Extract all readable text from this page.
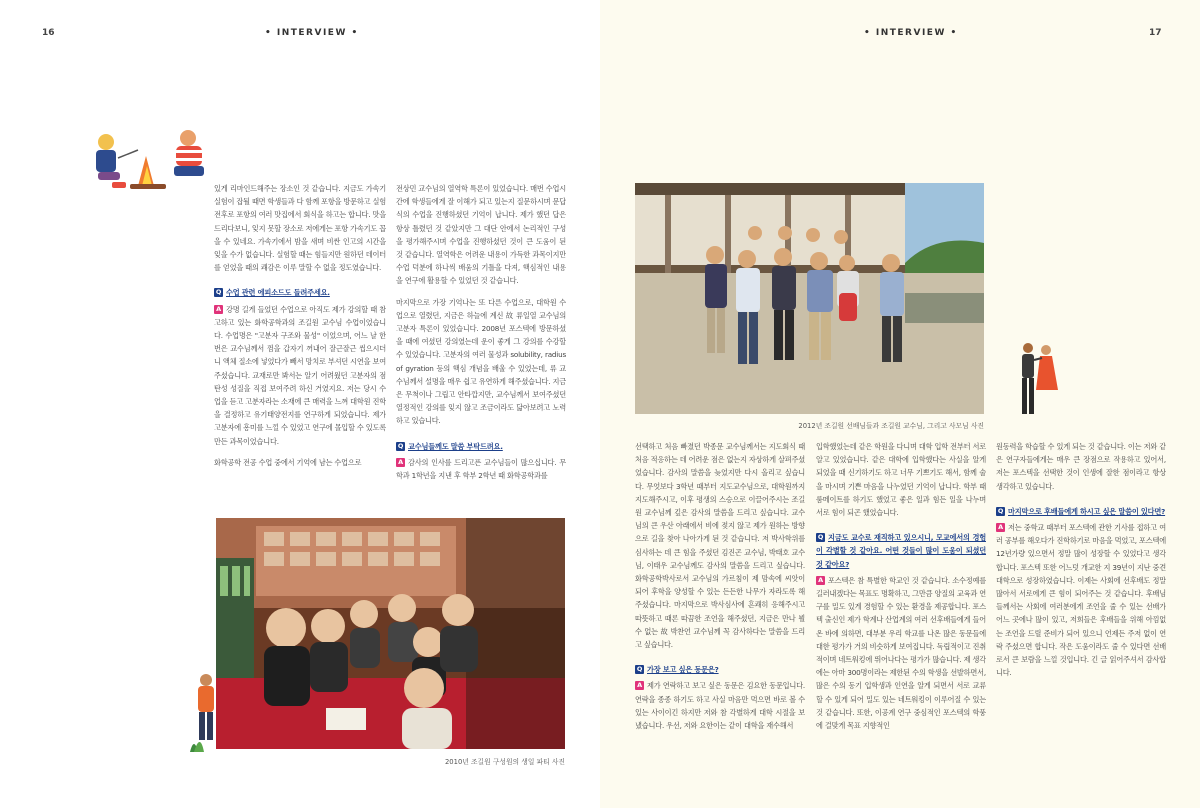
16	• INTERVIEW •

있게 리마인드해주는 장소인 것 같습니다. 지금도 가속기 실험이 잡될 때면 학생들과 다 함께 포항을 방문하고 실험 전후로 포항의 여러 맛집에서 회식을 하고는 합니다. 맛을 드리다보니, 잊지 못할 장소로 저에게는 포항 가속기도 꼽을 수 있네요. 가속기에서 밤을 새며 비싼 인고의 시간을 잊을 수가 없습니다. 실험할 때는 힘들지만 원하던 데이터를 얻었을 때의 쾌감은 이루 말할 수 없을 정도였습니다.

Q 수업 관련 에피소드도 들려주세요.

A 강명 길게 들었던 수업으로 아직도 제가 강의할 때 참고하고 있는 화학공학과의 조길원 교수님 수업이었습니다. 수업명은 "고분자 구조와 물성" 이었으며, 어느 날 한번은 교수님께서 껌을 갑자기 꺼내어 잘근잘근 씹으시더니 액체 질소에 넣었다가 빼서 망치로 부셔던 시연을 보여주셨습니다. 교재로만 봐서는 알기 어려웠던 고분자의 점탄성 성질을 직접 보여주려 하신 거였지요. 저는 당시 수업을 듣고 고분자라는 소재에 큰 매력을 느껴 대학원 진학을 결정하고 유기태양전지를 연구하게 되었습니다. 제가 고분자에 흥미를 느낄 수 있었고 연구에 몰입할 수 있도록 만든 과목이었습니다.

화학공학 전공 수업 중에서 기억에 남는 수업으로

전상민 교수님의 열역학 특론이 있었습니다. 매번 수업시간에 학생들에게 잘 이해가 되고 있는지 질문하시며 문답식의 수업을 진행하셨던 기억이 납니다. 제가 했던 답은 항상 틀렸던 것 같았지만 그 대단 안에서 논리적인 구성을 평가해주시며 수업을 진행하셨던 것이 큰 도움이 된 것 같습니다. 열역학은 어려운 내용이 가득한 과목이지만 수업 덕분에 하나씩 배움의 기틀을 다져, 핵심적인 내용을 연구에 활용할 수 있었던 것 같습니다.

마지막으로 가장 기억나는 또 다른 수업으로, 대학원 수업으로 열렸던, 지금은 하늘에 계신 故 류일열 교수님의 고분자 특론이 있었습니다. 2008년 포스텍에 방문하셨을 때에 여셨던 강의였는데 운이 좋게 그 강의를 수강할 수 있었습니다. 고분자의 여러 물성과 solubility, radius of gyration 등의 핵심 개념을 배울 수 있었는데, 류 교수님께서 설명을 매우 쉽고 유연하게 해주셨습니다. 지금은 무척이나 그립고 안타깝지만, 교수님께서 보여주셨던 열정적인 강의를 잊지 않고 조금이라도 닮아보려고 노력하고 있습니다.

Q 교수님들께도 말씀 부탁드려요.

A 감사의 인사를 드리고픈 교수님들이 많으십니다. 무학과 1학년을 지낸 후 학부 2학년 때 화학공학과를

2010년 조길원 구성원의 생일 파티 사진
• INTERVIEW •	17
2012년 조길원 선배님들과 조길원 교수님, 그리고 사모님 사진

선택하고 처음 빠졌던 박종문 교수님께서는 지도회식 때처음 적응하는 데 어려운 점은 없는지 자상하게 살펴주셨었습니다. 감사의 말씀을 늦었지만 다시 올리고 싶습니다. 무엇보다 3학년 때부터 지도교수님으로, 대학원까지 지도해주시고, 이후 평생의 스승으로 이끌어주시는 조길원 교수님께 깊은 감사의 말씀을 드리고 싶습니다. 교수님의 큰 우산 아래에서 비에 젖지 않고 제가 원하는 방향으로 길을 찾아 나아가게 된 것 같습니다. 저 박사학위를 심사하는 데 큰 힘을 주셨던 김진곤 교수님, 박태호 교수님, 이태우 교수님께도 감사의 말씀을 드리고 싶습니다. 화학공학박사로서 교수님의 가르침이 제 맘속에 씨앗이 되어 후학을 양성할 수 있는 든든한 나무가 자라도록 해주셨습니다. 마지막으로 박사심사에 흔쾌히 응해주시고 따뜻하고 때론 따끔한 조언을 해주셨던, 지금은 만나 뵐 수 없는 故 박찬언 교수님께 꼭 감사하다는 말씀을 드리고 싶습니다.

Q 가장 보고 싶은 동문은?

A 제가 연락하고 보고 싶은 동문은 김요한 동문입니다. 연락을 종종 하기도 하고 사실 마음만 먹으면 바로 볼 수 있는 사이이긴 하지만 저와 참 각별하게 대학 시절을 보냈습니다. 우선, 저와 요한이는 같이 대학을 재수해서

입학했었는데 같은 학원을 다니며 대학 입학 전부터 서로 알고 있었습니다. 같은 대학에 입학했다는 사실을 알게 되었을 때 신기하기도 하고 너무 기쁘기도 해서, 함께 술을 마시며 기쁜 마음을 나누었던 기억이 납니다. 학부 때 룸메이트를 하기도 했었고 좋은 일과 힘든 일을 나누며 서로 힘이 되곤 했었습니다.

Q 지금도 교수로 재직하고 있으시니, 모교에서의 경험이 각별할 것 같아요. 어떤 것들이 많이 도움이 되셨던 것 같아요?

A 포스텍은 참 특별한 학교인 것 같습니다. 소수정예를 길러내겠다는 목표도 명확하고, 그만큼 양질의 교육과 연구를 밀도 있게 경험할 수 있는 환경을 제공합니다. 포스텍 출신인 제가 학계나 산업계의 여러 선후배들에게 들어온 바에 의하면, 대부분 우리 학교를 나온 많은 동문들에 대한 평가가 거의 비슷하게 보여집니다. 독립적이고 진취적이며 네트워킹에 뛰어나다는 평가가 많습니다. 제 생각에는 아마 300명이라는 제한된 수의 학생을 선발하면서, 많은 수의 동기 입학생과 인연을 알게 되면서 서로 교류할 수 있게 되어 밀도 있는 네트워킹이 이루어질 수 있는 것 같습니다. 또한, 이공계 연구 중심적인 포스텍의 학풍에 걸맞게 목표 지향적인

원동력을 학습할 수 있게 되는 것 같습니다. 이는 저와 같은 연구자들에게는 매우 큰 장점으로 작용하고 있어서, 저는 포스텍을 선택한 것이 인생에 잘한 점이라고 항상 생각하고 있습니다.

Q 마지막으로 후배들에게 하시고 싶은 말씀이 있다면?

A 저는 중학교 때부터 포스텍에 관한 기사를 접하고 여러 공부를 해오다가 진학하기로 마음을 먹었고, 포스텍에 12년가량 있으면서 정말 많이 성장할 수 있었다고 생각합니다. 포스텍 또한 어느덧 개교한 지 39년이 지난 중견 대학으로 성장하였습니다. 이제는 사회에 선후배도 정말 많아서 서로에게 큰 힘이 되어주는 것 같습니다. 후배님들께서는 사회에 여러분에게 조언을 줄 수 있는 선배가 어느 곳에나 많이 있고, 저희들은 후배들을 위해 아낌없는 조언을 드릴 준비가 되어 있으니 언제든 주저 없이 연락 주셨으면 합니다. 작은 도움이라도 줄 수 있다면 선배로서 큰 보람을 느낄 것입니다. 긴 글 읽어주셔서 감사합니다.
